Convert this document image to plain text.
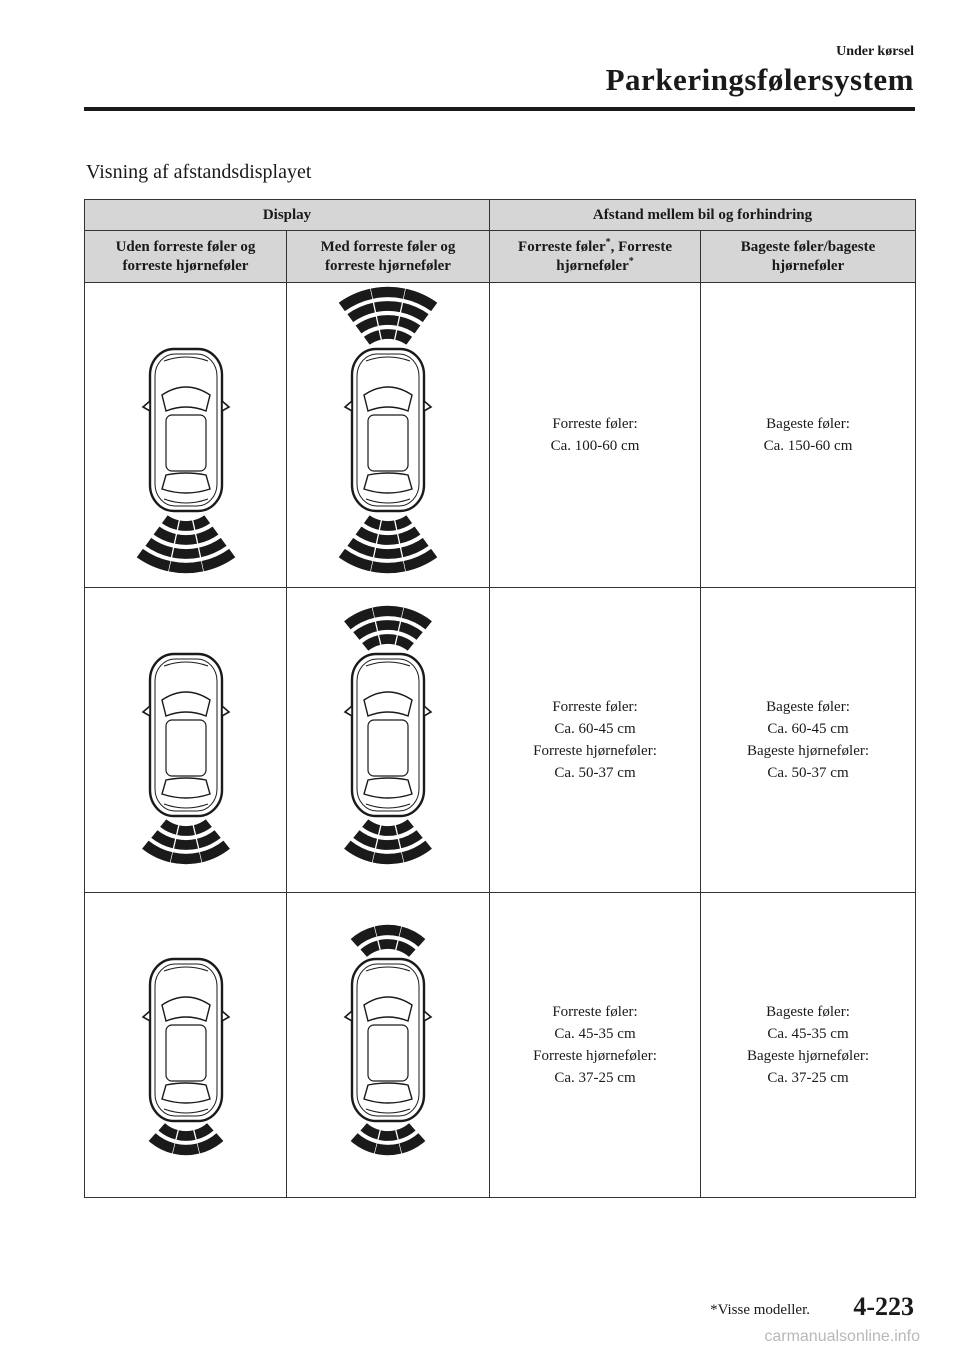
Under kørsel
Parkeringsfølersystem
Visning af afstandsdisplayet
Display		Afstand mellem bil og forhindring	

Uden forreste føler og
forreste hjørneføler	Med forreste føler og
forreste hjørneføler	Forreste føler*, Forreste
hjørneføler*	Bageste føler/bageste
hjørneføler

Forreste føler:
Ca. 100-60 cm	Bageste føler:
Ca. 150-60 cm

Forreste føler:
Ca. 60-45 cm
Forreste hjørneføler:
Ca. 50-37 cm	Bageste føler:
Ca. 60-45 cm
Bageste hjørneføler:
Ca. 50-37 cm

Forreste føler:
Ca. 45-35 cm
Forreste hjørneføler:
Ca. 37-25 cm	Bageste føler:
Ca. 45-35 cm
Bageste hjørneføler:
Ca. 37-25 cm
*Visse modeller. 4-223
carmanualsonline.info
